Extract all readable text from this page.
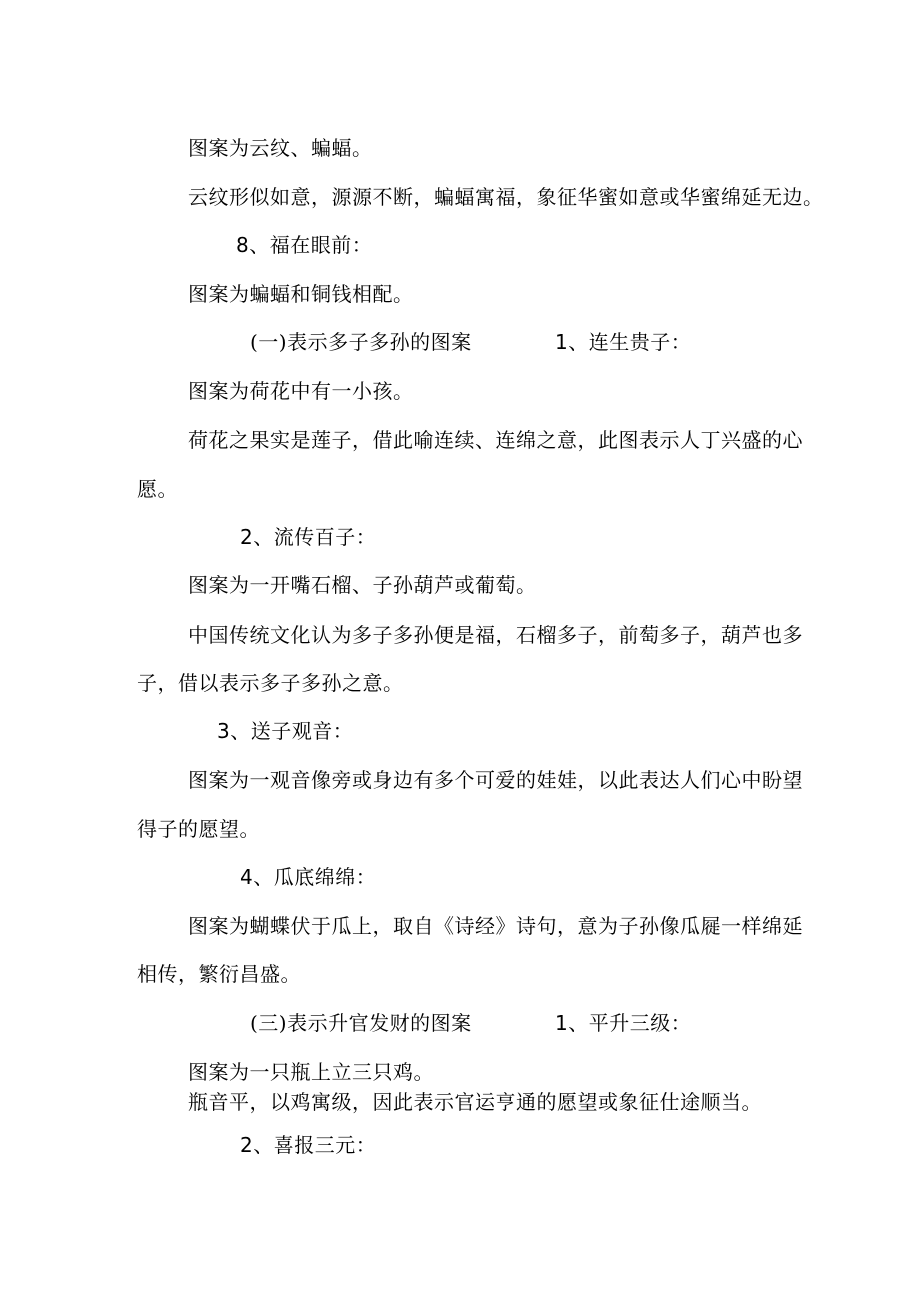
图案为云纹、蝙蝠。
云纹形似如意，源源不断，蝙蝠寓福，象征华蜜如意或华蜜绵延无边。
8、福在眼前：
图案为蝙蝠和铜钱相配。
(一)表示多子多孙的图案	1、连生贵子：
图案为荷花中有一小孩。
荷花之果实是莲子，借此喻连续、连绵之意，此图表示人丁兴盛的心
愿。
2、流传百子：
图案为一开嘴石榴、子孙葫芦或葡萄。
中国传统文化认为多子多孙便是福，石榴多子，前萄多子，葫芦也多
子，借以表示多子多孙之意。
3、送子观音：
图案为一观音像旁或身边有多个可爱的娃娃，以此表达人们心中盼望
得子的愿望。
4、瓜底绵绵：
图案为蝴蝶伏于瓜上，取自《诗经》诗句，意为子孙像瓜屣一样绵延
相传，繁衍昌盛。
(三)表示升官发财的图案	1、平升三级：
图案为一只瓶上立三只鸡。
瓶音平，以鸡寓级，因此表示官运亨通的愿望或象征仕途顺当。
2、喜报三元：
